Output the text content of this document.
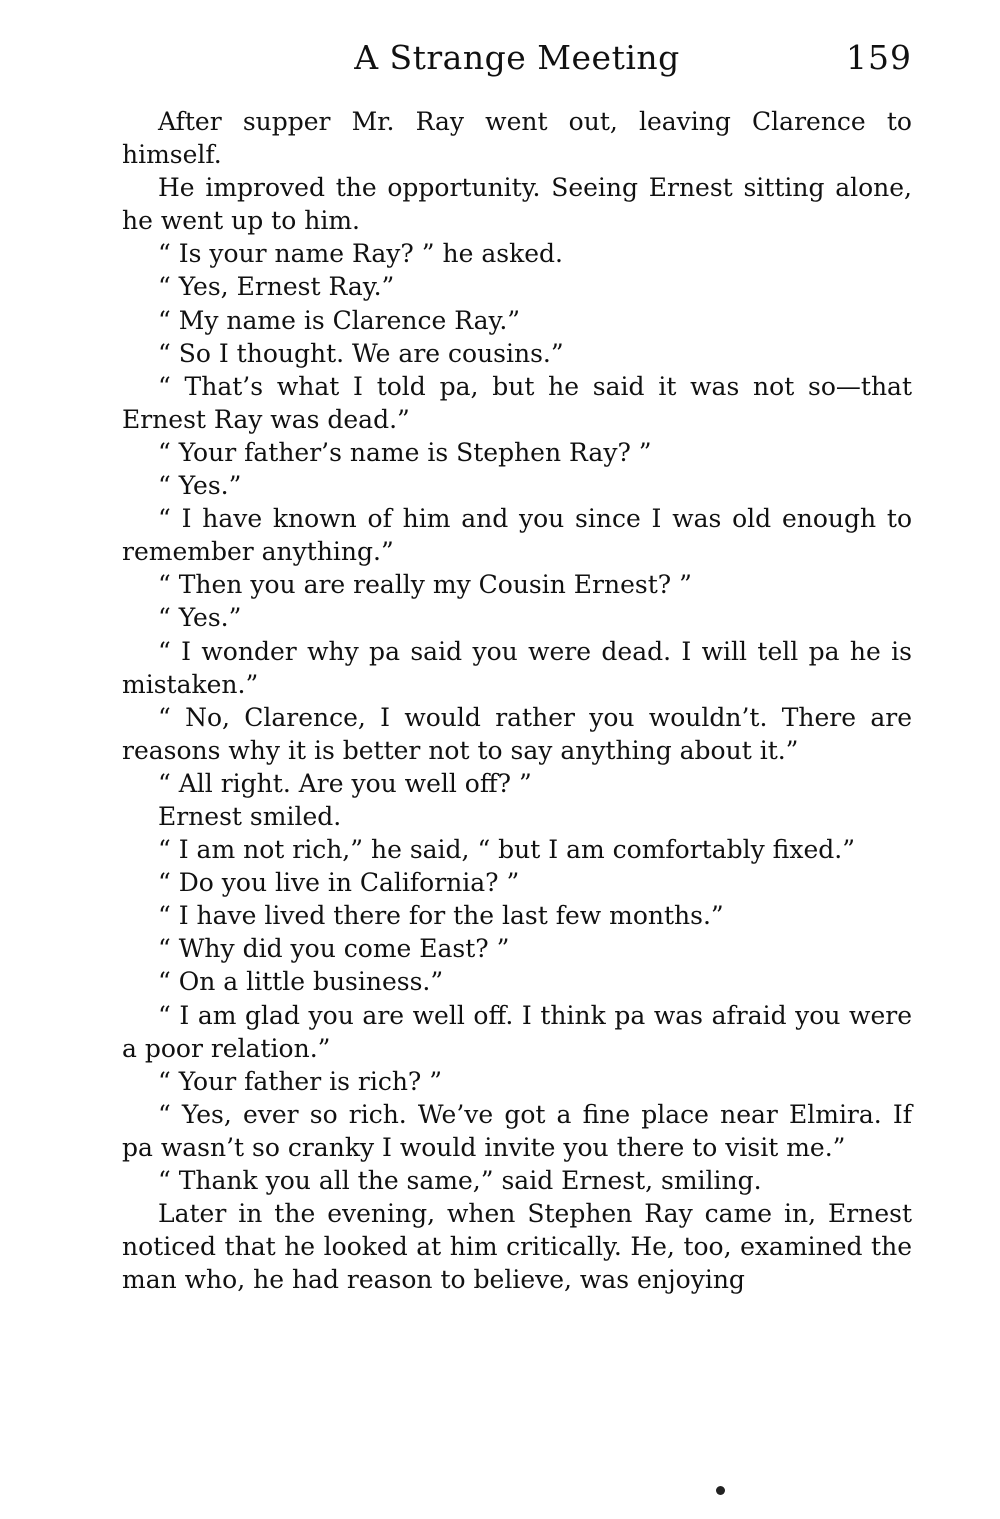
A Strange Meeting	159

After supper Mr. Ray went out, leaving Clarence to himself.

He improved the opportunity. Seeing Ernest sitting alone, he went up to him.

“ Is your name Ray? ” he asked.

“ Yes, Ernest Ray.”

“ My name is Clarence Ray.”

“ So I thought. We are cousins.”

“ That’s what I told pa, but he said it was not so—that Ernest Ray was dead.”

“ Your father’s name is Stephen Ray? ”

“ Yes.”

“ I have known of him and you since I was old enough to remember anything.”

“ Then you are really my Cousin Ernest? ”

“ Yes.”

“ I wonder why pa said you were dead. I will tell pa he is mistaken.”

“ No, Clarence, I would rather you wouldn’t. There are reasons why it is better not to say anything about it.”

“ All right. Are you well off? ”

Ernest smiled.

“ I am not rich,” he said, “ but I am comfortably fixed.”

“ Do you live in California? ”

“ I have lived there for the last few months.”

“ Why did you come East? ”

“ On a little business.”

“ I am glad you are well off. I think pa was afraid you were a poor relation.”

“ Your father is rich? ”

“ Yes, ever so rich. We’ve got a fine place near Elmira. If pa wasn’t so cranky I would invite you there to visit me.”

“ Thank you all the same,” said Ernest, smiling.

Later in the evening, when Stephen Ray came in, Ernest noticed that he looked at him critically. He, too, examined the man who, he had reason to believe, was enjoying
